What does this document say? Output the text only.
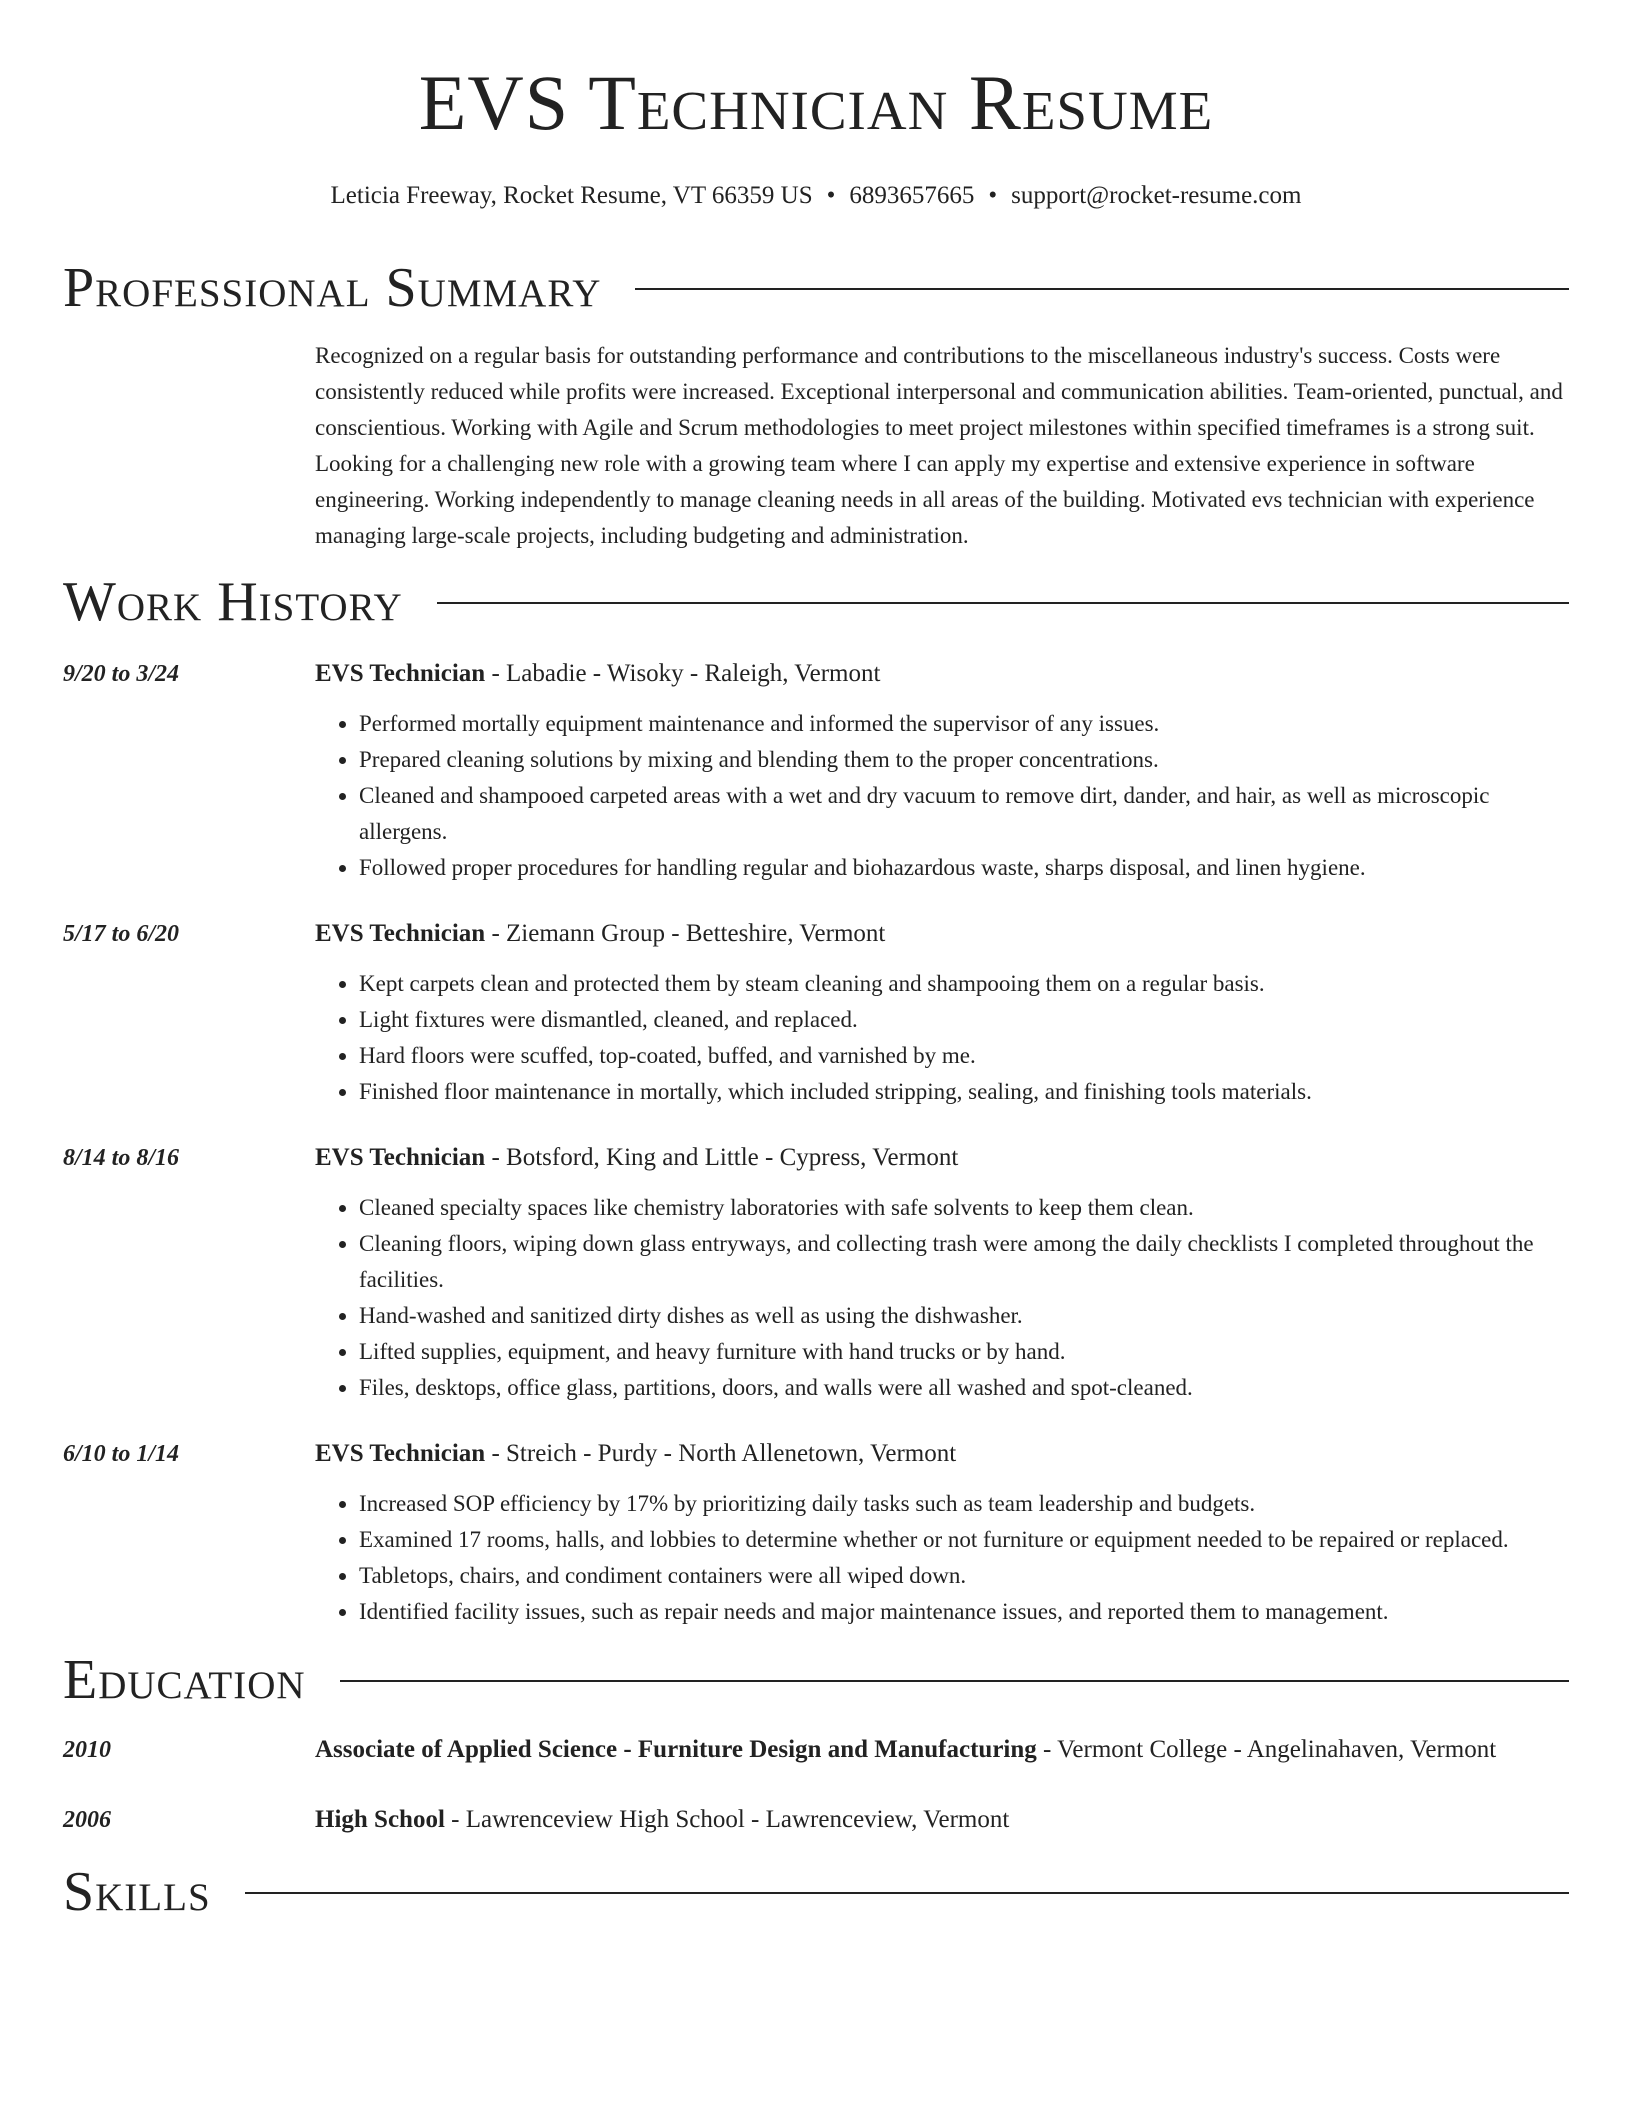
EVS Technician Resume
Leticia Freeway, Rocket Resume, VT 66359 US • 6893657665 • support@rocket-resume.com
Professional Summary
Recognized on a regular basis for outstanding performance and contributions to the miscellaneous industry's success. Costs were consistently reduced while profits were increased. Exceptional interpersonal and communication abilities. Team-oriented, punctual, and conscientious. Working with Agile and Scrum methodologies to meet project milestones within specified timeframes is a strong suit. Looking for a challenging new role with a growing team where I can apply my expertise and extensive experience in software engineering. Working independently to manage cleaning needs in all areas of the building. Motivated evs technician with experience managing large-scale projects, including budgeting and administration.
Work History
9/20 to 3/24	EVS Technician - Labadie - Wisoky - Raleigh, Vermont
• Performed mortally equipment maintenance and informed the supervisor of any issues.
• Prepared cleaning solutions by mixing and blending them to the proper concentrations.
• Cleaned and shampooed carpeted areas with a wet and dry vacuum to remove dirt, dander, and hair, as well as microscopic allergens.
• Followed proper procedures for handling regular and biohazardous waste, sharps disposal, and linen hygiene.
5/17 to 6/20	EVS Technician - Ziemann Group - Betteshire, Vermont
• Kept carpets clean and protected them by steam cleaning and shampooing them on a regular basis.
• Light fixtures were dismantled, cleaned, and replaced.
• Hard floors were scuffed, top-coated, buffed, and varnished by me.
• Finished floor maintenance in mortally, which included stripping, sealing, and finishing tools materials.
8/14 to 8/16	EVS Technician - Botsford, King and Little - Cypress, Vermont
• Cleaned specialty spaces like chemistry laboratories with safe solvents to keep them clean.
• Cleaning floors, wiping down glass entryways, and collecting trash were among the daily checklists I completed throughout the facilities.
• Hand-washed and sanitized dirty dishes as well as using the dishwasher.
• Lifted supplies, equipment, and heavy furniture with hand trucks or by hand.
• Files, desktops, office glass, partitions, doors, and walls were all washed and spot-cleaned.
6/10 to 1/14	EVS Technician - Streich - Purdy - North Allenetown, Vermont
• Increased SOP efficiency by 17% by prioritizing daily tasks such as team leadership and budgets.
• Examined 17 rooms, halls, and lobbies to determine whether or not furniture or equipment needed to be repaired or replaced.
• Tabletops, chairs, and condiment containers were all wiped down.
• Identified facility issues, such as repair needs and major maintenance issues, and reported them to management.
Education
2010	Associate of Applied Science - Furniture Design and Manufacturing - Vermont College - Angelinahaven, Vermont
2006	High School - Lawrenceview High School - Lawrenceview, Vermont
Skills
